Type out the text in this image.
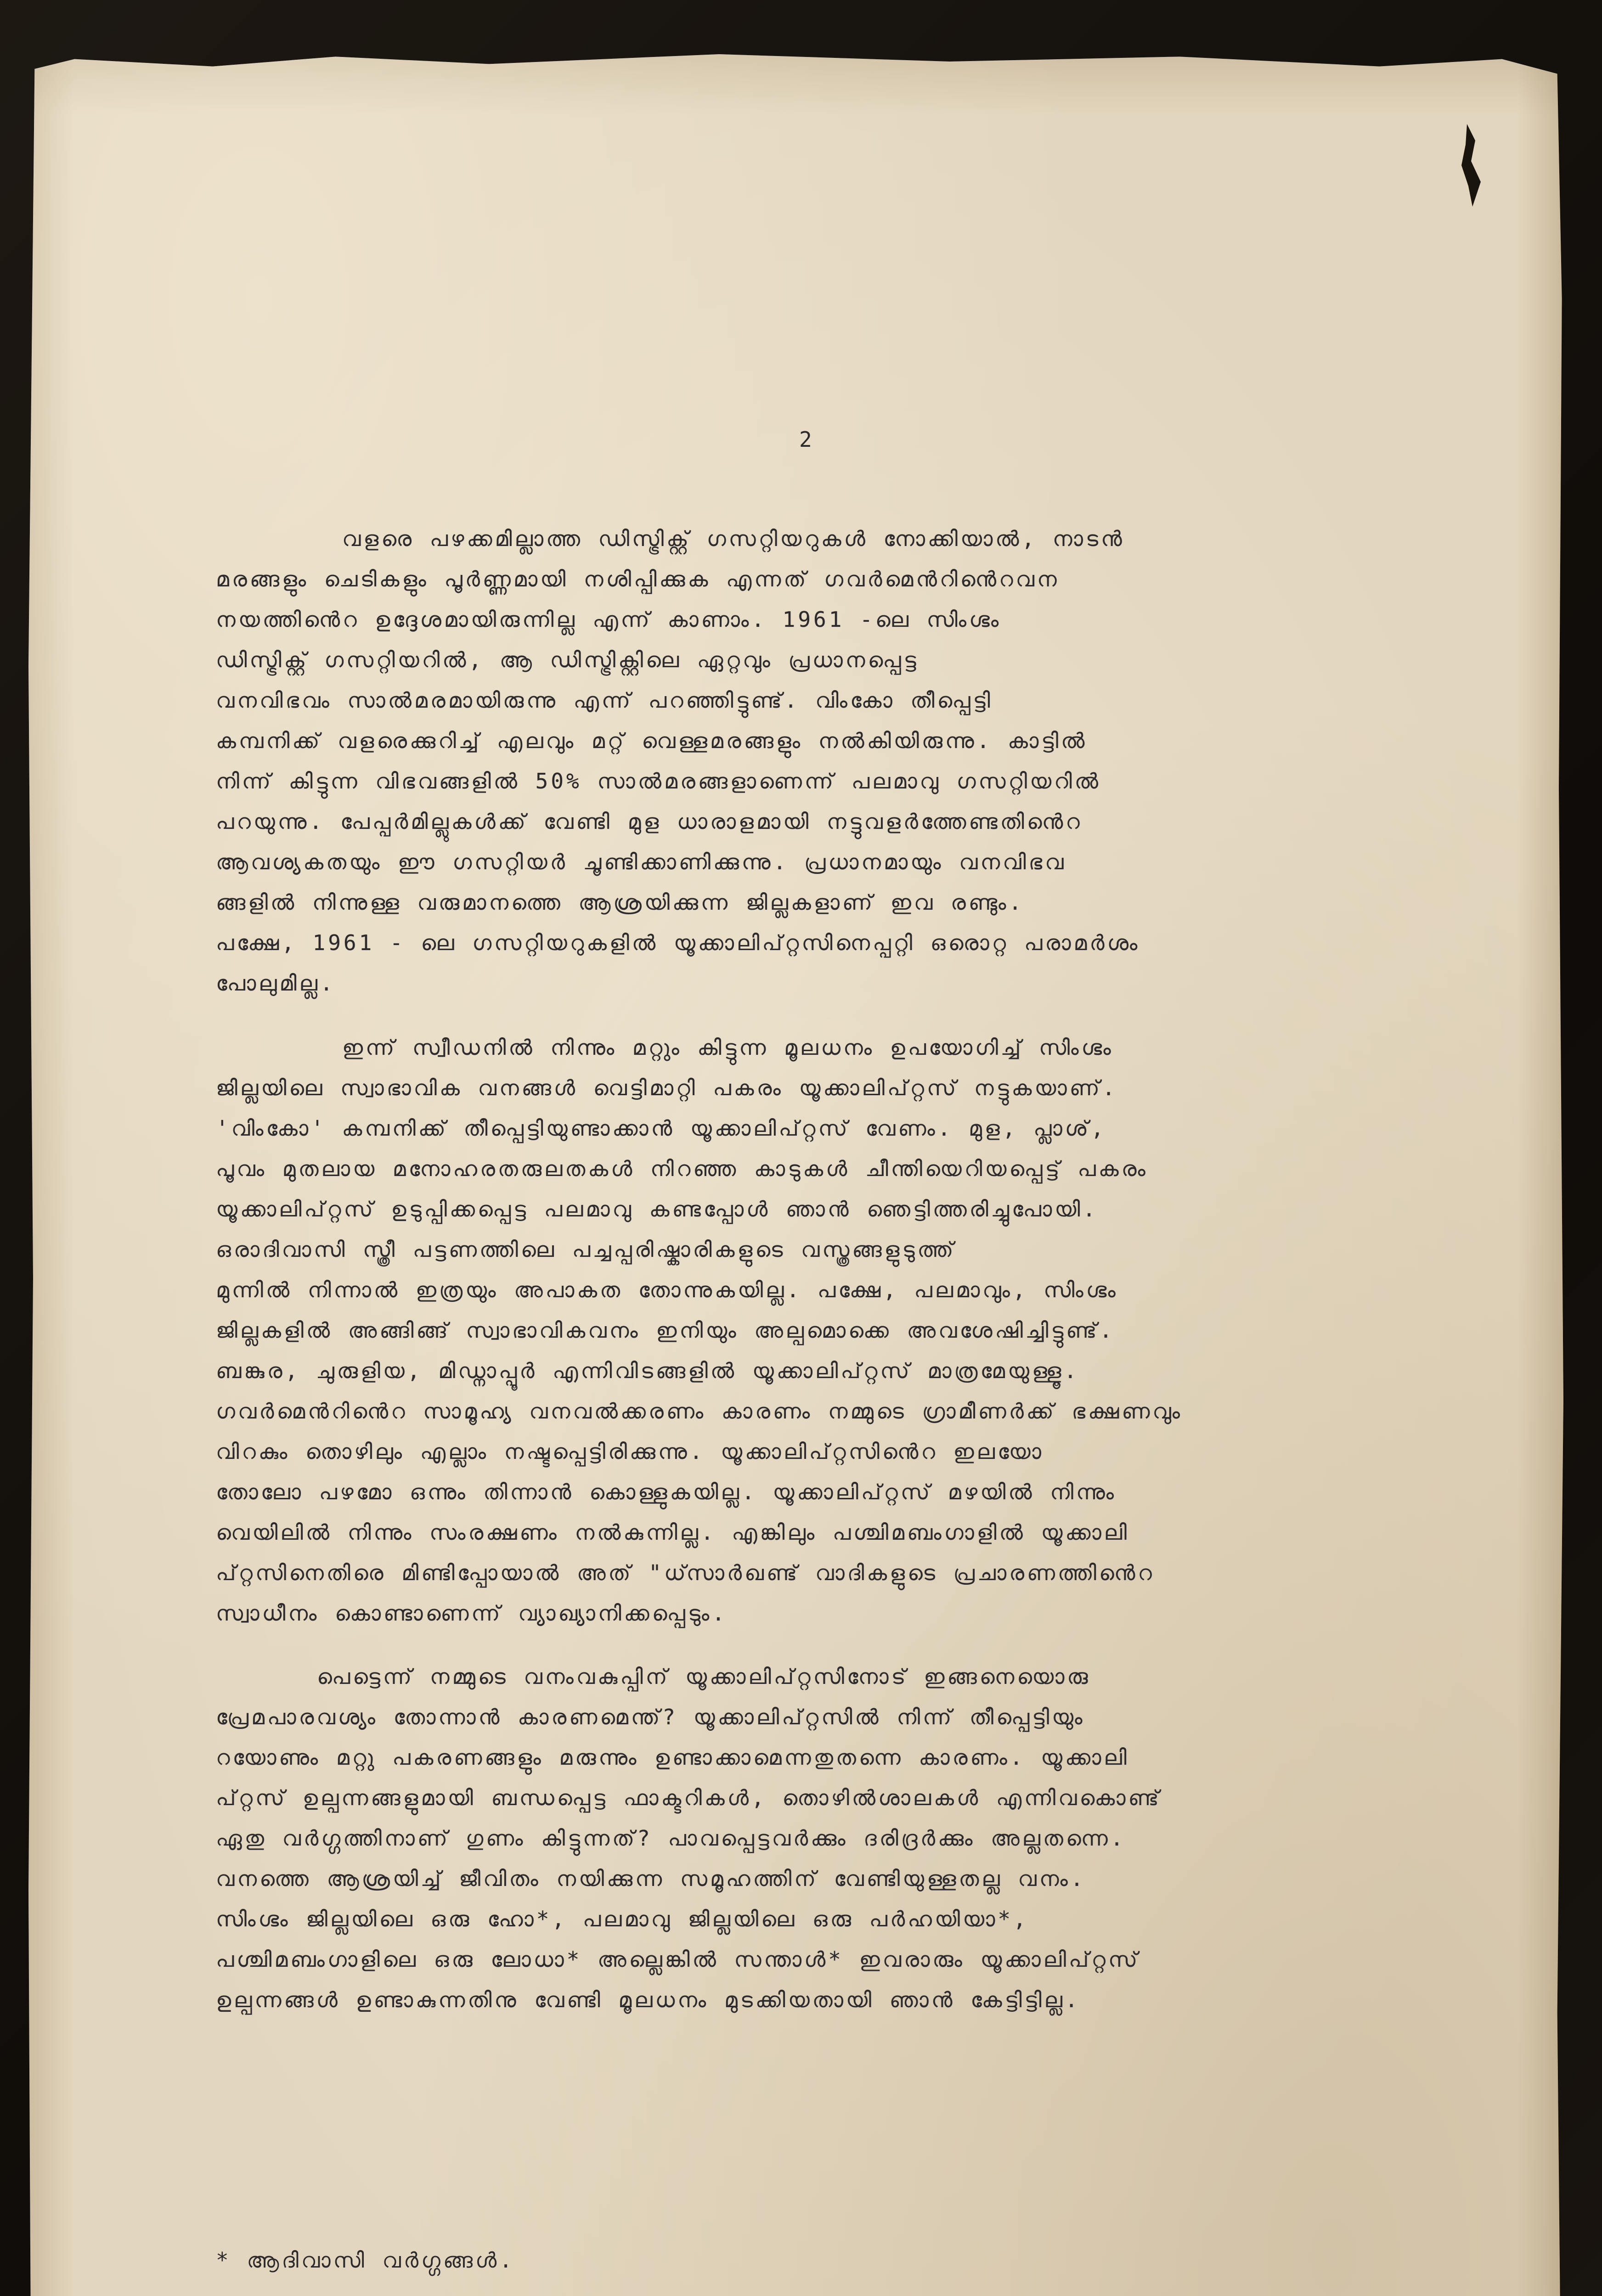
2
വളരെ പഴക്കമില്ലാത്ത ഡിസ്ട്രിക്റ്റ് ഗസറ്റിയറുകൾ നോക്കിയാൽ, നാടൻ
മരങ്ങളും ചെടികളും പൂർണ്ണമായി നശിപ്പിക്കുക എന്നത് ഗവർമെൻറിൻെറവന
നയത്തിൻെറ ഉദ്ദേശമായിരുന്നില്ല എന്ന് കാണാം. 1961 -ലെ സിംഗ്ഭം
ഡിസ്ട്രിക്റ്റ് ഗസറ്റിയറിൽ, ആ ഡിസ്ട്രിക്റ്റിലെ ഏറ്റവും പ്രധാനപ്പെട്ട
വനവിഭവം സാൽമരമായിരുന്നു എന്ന് പറഞ്ഞിട്ടുണ്ട്. വിംകോ തീപ്പെട്ടി
കമ്പനിക്ക് വളരെക്കുറിച്ച് എലവും മറ്റ് വെള്ളമരങ്ങളും നൽകിയിരുന്നു. കാട്ടിൽ
നിന്ന് കിട്ടുന്ന വിഭവങ്ങളിൽ 50% സാൽമരങ്ങളാണെന്ന് പലമാവു ഗസറ്റിയറിൽ
പറയുന്നു. പേപ്പർമില്ലുകൾക്ക് വേണ്ടി മുള ധാരാളമായി നട്ടുവളർത്തേണ്ടതിൻെറ
ആവശ്യകതയും ഈ ഗസറ്റിയർ ചൂണ്ടിക്കാണിക്കുന്നു. പ്രധാനമായും വനവിഭവ
ങ്ങളിൽ നിന്നുള്ള വരുമാനത്തെ ആശ്രയിക്കുന്ന ജില്ലകളാണ് ഇവ രണ്ടും.
പക്ഷേ, 1961 - ലെ ഗസറ്റിയറുകളിൽ യൂക്കാലിപ്റ്റസിനെപ്പറ്റി ഒരൊറ്റ പരാമർശം
പോലുമില്ല.
ഇന്ന് സ്വീഡനിൽ നിന്നും മറ്റും കിട്ടുന്ന മൂലധനം ഉപയോഗിച്ച് സിംഗ്ഭം
ജില്ലയിലെ സ്വാഭാവിക വനങ്ങൾ വെട്ടിമാറ്റി പകരം യൂക്കാലിപ്റ്റസ് നട്ടുകയാണ്.
'വിംകോ' കമ്പനിക്ക് തീപ്പെട്ടിയുണ്ടാക്കാൻ യൂക്കാലിപ്റ്റസ് വേണം. മുള, പ്ലാശ്,
പൂവം മുതലായ മനോഹരതരുലതകൾ നിറഞ്ഞ കാടുകൾ ചീന്തിയെറിയപ്പെട്ട് പകരം
യൂക്കാലിപ്റ്റസ് ഉടുപ്പിക്കപ്പെട്ട പലമാവു കണ്ടപ്പോൾ ഞാൻ ഞെട്ടിത്തരിച്ചുപോയി.
ഒരാദിവാസി സ്ത്രീ പട്ടണത്തിലെ പച്ചപ്പരിഷ്കാരികളുടെ വസ്ത്രങ്ങളുടുത്ത്
മുന്നിൽ നിന്നാൽ ഇത്രയും അപാകത തോന്നുകയില്ല. പക്ഷേ, പലമാവും, സിംഗ്ഭം
ജില്ലകളിൽ അങ്ങിങ്ങ് സ്വാഭാവികവനം ഇനിയും അല്പമൊക്കെ അവശേഷിച്ചിട്ടുണ്ട്.
ബങ്കുര, ചുരുളിയ, മിഡ്നാപ്പൂർ എന്നിവിടങ്ങളിൽ യൂക്കാലിപ്റ്റസ് മാത്രമേയുള്ളൂ.
ഗവർമെൻറിൻെറ സാമൂഹ്യ വനവൽക്കരണം കാരണം നമ്മുടെ ഗ്രാമീണർക്ക് ഭക്ഷണവും
വിറകും തൊഴിലും എല്ലാം നഷ്ടപ്പെട്ടിരിക്കുന്നു. യൂക്കാലിപ്റ്റസിൻെറ ഇലയോ
തോലോ പഴമോ ഒന്നും തിന്നാൻ കൊള്ളുകയില്ല. യൂക്കാലിപ്റ്റസ് മഴയിൽ നിന്നും
വെയിലിൽ നിന്നും സംരക്ഷണം നൽകുന്നില്ല. എങ്കിലും പശ്ചിമബംഗാളിൽ യൂക്കാലി
പ്റ്റസിനെതിരെ മിണ്ടിപ്പോയാൽ അത് "ധ്സാർഖണ്ട് വാദികളുടെ പ്രചാരണത്തിൻെറ
സ്വാധീനം കൊണ്ടാണെന്ന് വ്യാഖ്യാനിക്കപ്പെടും.
പെട്ടെന്ന് നമ്മുടെ വനംവകുപ്പിന് യൂക്കാലിപ്റ്റസിനോട് ഇങ്ങനെയൊരു
പ്രേമപാരവശ്യം തോന്നാൻ കാരണമെന്ത്? യൂക്കാലിപ്റ്റസിൽ നിന്ന് തീപ്പെട്ടിയും
റയോണും മറ്റു പകരണങ്ങളും മരുന്നും ഉണ്ടാക്കാമെന്നതുതന്നെ കാരണം. യൂക്കാലി
പ്റ്റസ് ഉല്പന്നങ്ങളുമായി ബന്ധപ്പെട്ട ഫാക്ടറികൾ, തൊഴിൽശാലകൾ എന്നിവകൊണ്ട്
ഏതു വർഗ്ഗത്തിനാണ് ഗുണം കിട്ടുന്നത്? പാവപ്പെട്ടവർക്കും ദരിദ്രർക്കും അല്ലതന്നെ.
വനത്തെ ആശ്രയിച്ച് ജീവിതം നയിക്കുന്ന സമൂഹത്തിന് വേണ്ടിയുള്ളതല്ല വനം.
സിംഗ്ഭം ജില്ലയിലെ ഒരു ഹോ*, പലമാവു ജില്ലയിലെ ഒരു പർഹയിയാ*,
പശ്ചിമബംഗാളിലെ ഒരു ലോധാ* അല്ലെങ്കിൽ സന്താൾ* ഇവരാരും യൂക്കാലിപ്റ്റസ്
ഉല്പന്നങ്ങൾ ഉണ്ടാകുന്നതിനു വേണ്ടി മൂലധനം മുടക്കിയതായി ഞാൻ കേട്ടിട്ടില്ല.
* ആദിവാസി വർഗ്ഗങ്ങൾ.
